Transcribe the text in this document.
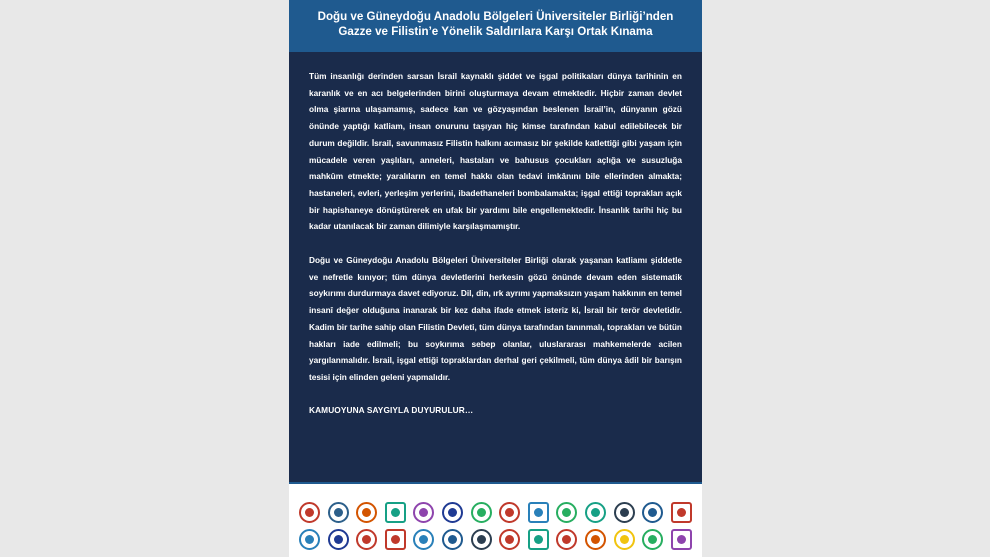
Doğu ve Güneydoğu Anadolu Bölgeleri Üniversiteler Birliği’nden
Gazze ve Filistin’e Yönelik Saldırılara Karşı Ortak Kınama

Tüm insanlığı derinden sarsan İsrail kaynaklı şiddet ve işgal politikaları dünya tarihinin en karanlık ve en acı belgelerinden birini oluşturmaya devam etmektedir. Hiçbir zaman devlet olma şiarına ulaşamamış, sadece kan ve gözyaşından beslenen İsrail’in, dünyanın gözü önünde yaptığı katliam, insan onurunu taşıyan hiç kimse tarafından kabul edilebilecek bir durum değildir. İsrail, savunmasız Filistin halkını acımasız bir şekilde katlettiği gibi yaşam için mücadele veren yaşlıları, anneleri, hastaları ve bahusus çocukları açlığa ve susuzluğa mahkûm etmekte; yaralıların en temel hakkı olan tedavi imkânını bile ellerinden almakta; hastaneleri, evleri, yerleşim yerlerini, ibadethaneleri bombalamakta; işgal ettiği toprakları açık bir hapishaneye dönüştürerek en ufak bir yardımı bile engellemektedir. İnsanlık tarihi hiç bu kadar utanılacak bir zaman dilimiyle karşılaşmamıştır.

Doğu ve Güneydoğu Anadolu Bölgeleri Üniversiteler Birliği olarak yaşanan katliamı şiddetle ve nefretle kınıyor; tüm dünya devletlerini herkesin gözü önünde devam eden sistematik soykırımı durdurmaya davet ediyoruz. Dil, din, ırk ayrımı yapmaksızın yaşam hakkının en temel insanî değer olduğuna inanarak bir kez daha ifade etmek isteriz ki, İsrail bir terör devletidir. Kadim bir tarihe sahip olan Filistin Devleti, tüm dünya tarafından tanınmalı, toprakları ve bütün hakları iade edilmeli; bu soykırıma sebep olanlar, uluslararası mahkemelerde acilen yargılanmalıdır. İsrail, işgal ettiği topraklardan derhal geri çekilmeli, tüm dünya âdil bir barışın tesisi için elinden geleni yapmalıdır.

KAMUOYUNA SAYGIYLA DUYURULUR…
